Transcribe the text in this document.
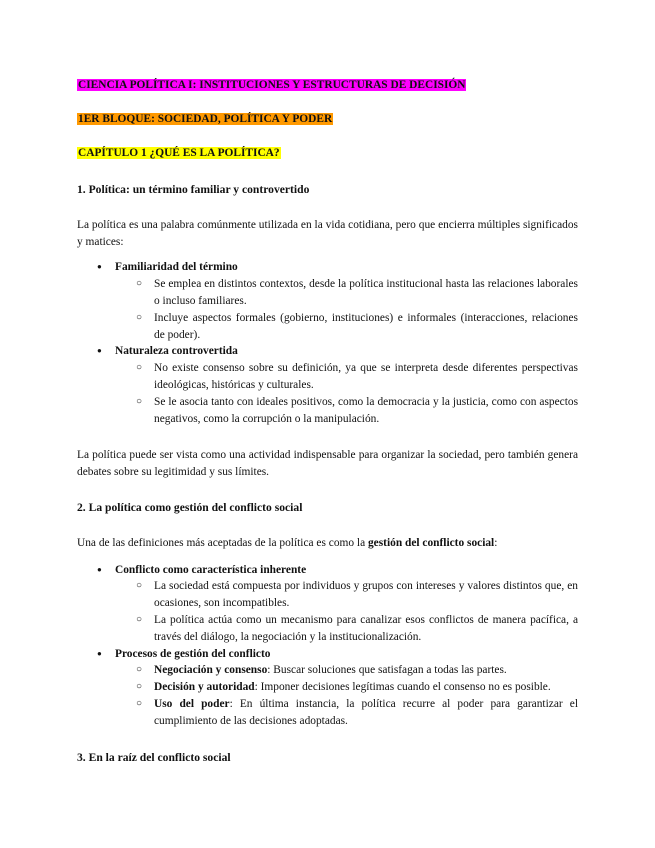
CIENCIA POLÍTICA I: INSTITUCIONES Y ESTRUCTURAS DE DECISIÓN
1ER BLOQUE: SOCIEDAD, POLÍTICA Y PODER
CAPÍTULO 1 ¿QUÉ ES LA POLÍTICA?
1. Política: un término familiar y controvertido

La política es una palabra comúnmente utilizada en la vida cotidiana, pero que encierra múltiples significados y matices:

● Familiaridad del término
○ Se emplea en distintos contextos, desde la política institucional hasta las relaciones laborales o incluso familiares.
○ Incluye aspectos formales (gobierno, instituciones) e informales (interacciones, relaciones de poder).
● Naturaleza controvertida
○ No existe consenso sobre su definición, ya que se interpreta desde diferentes perspectivas ideológicas, históricas y culturales.
○ Se le asocia tanto con ideales positivos, como la democracia y la justicia, como con aspectos negativos, como la corrupción o la manipulación.

La política puede ser vista como una actividad indispensable para organizar la sociedad, pero también genera debates sobre su legitimidad y sus límites.

2. La política como gestión del conflicto social

Una de las definiciones más aceptadas de la política es como la gestión del conflicto social:

● Conflicto como característica inherente
○ La sociedad está compuesta por individuos y grupos con intereses y valores distintos que, en ocasiones, son incompatibles.
○ La política actúa como un mecanismo para canalizar esos conflictos de manera pacífica, a través del diálogo, la negociación y la institucionalización.
● Procesos de gestión del conflicto
○ Negociación y consenso: Buscar soluciones que satisfagan a todas las partes.
○ Decisión y autoridad: Imponer decisiones legítimas cuando el consenso no es posible.
○ Uso del poder: En última instancia, la política recurre al poder para garantizar el cumplimiento de las decisiones adoptadas.
3. En la raíz del conflicto social
